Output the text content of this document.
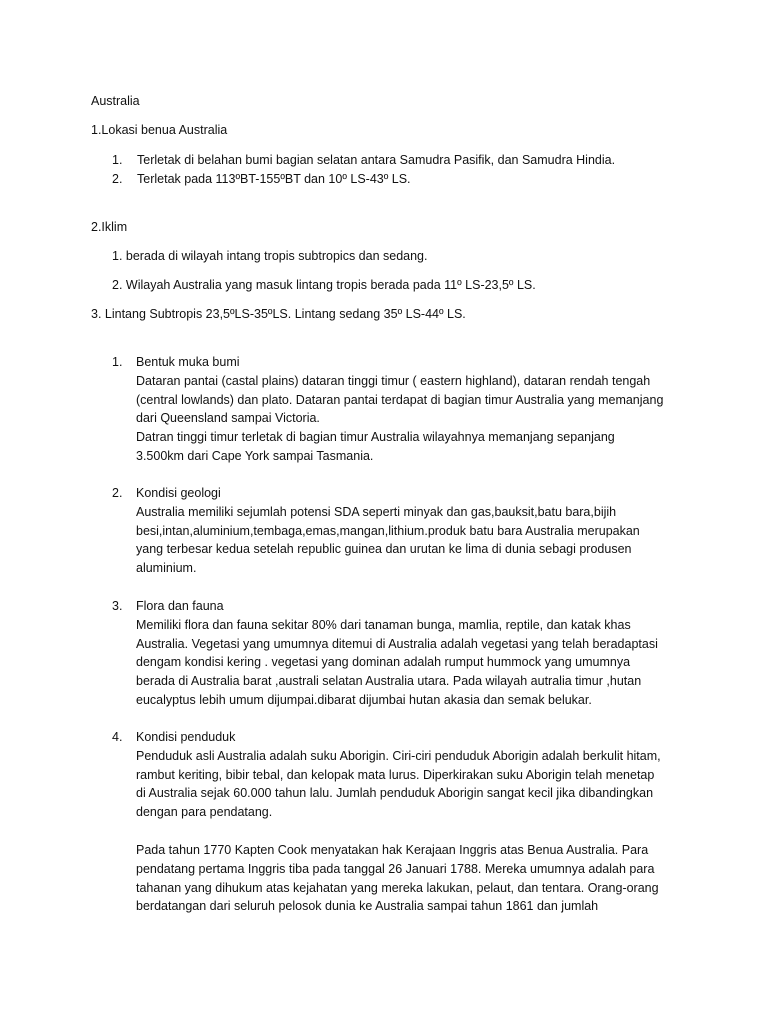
Australia
1.Lokasi benua Australia
1. Terletak di belahan bumi bagian selatan antara Samudra Pasifik, dan Samudra Hindia.
2. Terletak pada 113ºBT-155ºBT dan 10º LS-43º LS.
2.Iklim
1. berada di wilayah intang tropis subtropics dan sedang.
2. Wilayah Australia yang masuk lintang tropis berada pada 11º LS-23,5º LS.
3. Lintang Subtropis 23,5ºLS-35ºLS. Lintang sedang 35º LS-44º LS.
1. Bentuk muka bumi
Dataran pantai (castal plains) dataran tinggi timur ( eastern highland), dataran rendah tengah
(central lowlands) dan plato. Dataran pantai terdapat di bagian timur Australia yang memanjang
dari Queensland sampai Victoria.
Datran tinggi timur terletak di bagian timur Australia wilayahnya memanjang sepanjang
3.500km dari Cape York sampai Tasmania.
2. Kondisi geologi
Australia memiliki sejumlah potensi SDA seperti minyak dan gas,bauksit,batu bara,bijih
besi,intan,aluminium,tembaga,emas,mangan,lithium.produk batu bara Australia merupakan
yang terbesar kedua setelah republic guinea dan urutan ke lima di dunia sebagi produsen
aluminium.
3. Flora dan fauna
Memiliki flora dan fauna sekitar 80% dari tanaman bunga, mamlia, reptile, dan katak khas
Australia. Vegetasi yang umumnya ditemui di Australia adalah vegetasi yang telah beradaptasi
dengam kondisi kering . vegetasi yang dominan adalah rumput hummock yang umumnya
berada di Australia barat ,australi selatan Australia utara. Pada wilayah autralia timur ,hutan
eucalyptus lebih umum dijumpai.dibarat dijumbai hutan akasia dan semak belukar.
4. Kondisi penduduk
Penduduk asli Australia adalah suku Aborigin. Ciri-ciri penduduk Aborigin adalah berkulit hitam,
rambut keriting, bibir tebal, dan kelopak mata lurus. Diperkirakan suku Aborigin telah menetap
di Australia sejak 60.000 tahun lalu. Jumlah penduduk Aborigin sangat kecil jika dibandingkan
dengan para pendatang.
Pada tahun 1770 Kapten Cook menyatakan hak Kerajaan Inggris atas Benua Australia. Para
pendatang pertama Inggris tiba pada tanggal 26 Januari 1788. Mereka umumnya adalah para
tahanan yang dihukum atas kejahatan yang mereka lakukan, pelaut, dan tentara. Orang-orang
berdatangan dari seluruh pelosok dunia ke Australia sampai tahun 1861 dan jumlah
